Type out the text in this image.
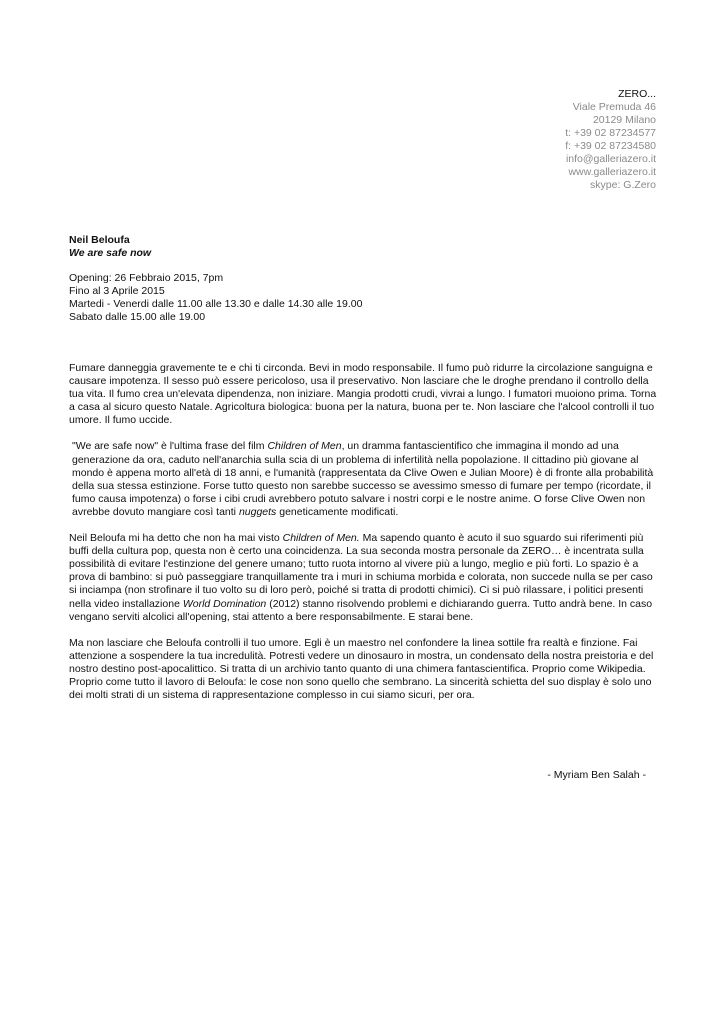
ZERO...
Viale Premuda 46
20129 Milano
t: +39 02 87234577
f: +39 02 87234580
info@galleriazero.it
www.galleriazero.it
skype: G.Zero
Neil Beloufa
We are safe now
Opening: 26 Febbraio 2015, 7pm
Fino al 3 Aprile 2015
Martedi - Venerdi dalle 11.00 alle 13.30 e dalle 14.30 alle 19.00
Sabato dalle 15.00 alle 19.00

Fumare danneggia gravemente te e chi ti circonda. Bevi in modo responsabile. Il fumo può ridurre la circolazione sanguigna e causare impotenza. Il sesso può essere pericoloso, usa il preservativo. Non lasciare che le droghe prendano il controllo della tua vita. Il fumo crea un'elevata dipendenza, non iniziare. Mangia prodotti crudi, vivrai a lungo. I fumatori muoiono prima. Torna a casa al sicuro questo Natale. Agricoltura biologica: buona per la natura, buona per te. Non lasciare che l'alcool controlli il tuo umore. Il fumo uccide.

"We are safe now" è l'ultima frase del film Children of Men, un dramma fantascientifico che immagina il mondo ad una generazione da ora, caduto nell'anarchia sulla scia di un problema di infertilità nella popolazione. Il cittadino più giovane al mondo è appena morto all'età di 18 anni, e l'umanità (rappresentata da Clive Owen e Julian Moore) è di fronte alla probabilità della sua stessa estinzione. Forse tutto questo non sarebbe successo se avessimo smesso di fumare per tempo (ricordate, il fumo causa impotenza) o forse i cibi crudi avrebbero potuto salvare i nostri corpi e le nostre anime. O forse Clive Owen non avrebbe dovuto mangiare così tanti nuggets geneticamente modificati.

Neil Beloufa mi ha detto che non ha mai visto Children of Men. Ma sapendo quanto è acuto il suo sguardo sui riferimenti più buffi della cultura pop, questa non è certo una coincidenza. La sua seconda mostra personale da ZERO… è incentrata sulla possibilità di evitare l'estinzione del genere umano; tutto ruota intorno al vivere più a lungo, meglio e più forti. Lo spazio è a prova di bambino: si può passeggiare tranquillamente tra i muri in schiuma morbida e colorata, non succede nulla se per caso si inciampa (non strofinare il tuo volto su di loro però, poiché si tratta di prodotti chimici). Ci si può rilassare, i politici presenti nella video installazione World Domination (2012) stanno risolvendo problemi e dichiarando guerra. Tutto andrà bene. In caso vengano serviti alcolici all'opening, stai attento a bere responsabilmente. E starai bene.

Ma non lasciare che Beloufa controlli il tuo umore. Egli è un maestro nel confondere la linea sottile fra realtà e finzione. Fai attenzione a sospendere la tua incredulità. Potresti vedere un dinosauro in mostra, un condensato della nostra preistoria e del nostro destino post-apocalittico. Si tratta di un archivio tanto quanto di una chimera fantascientifica. Proprio come Wikipedia. Proprio come tutto il lavoro di Beloufa: le cose non sono quello che sembrano. La sincerità schietta del suo display è solo uno dei molti strati di un sistema di rappresentazione complesso in cui siamo sicuri, per ora.

- Myriam Ben Salah -
